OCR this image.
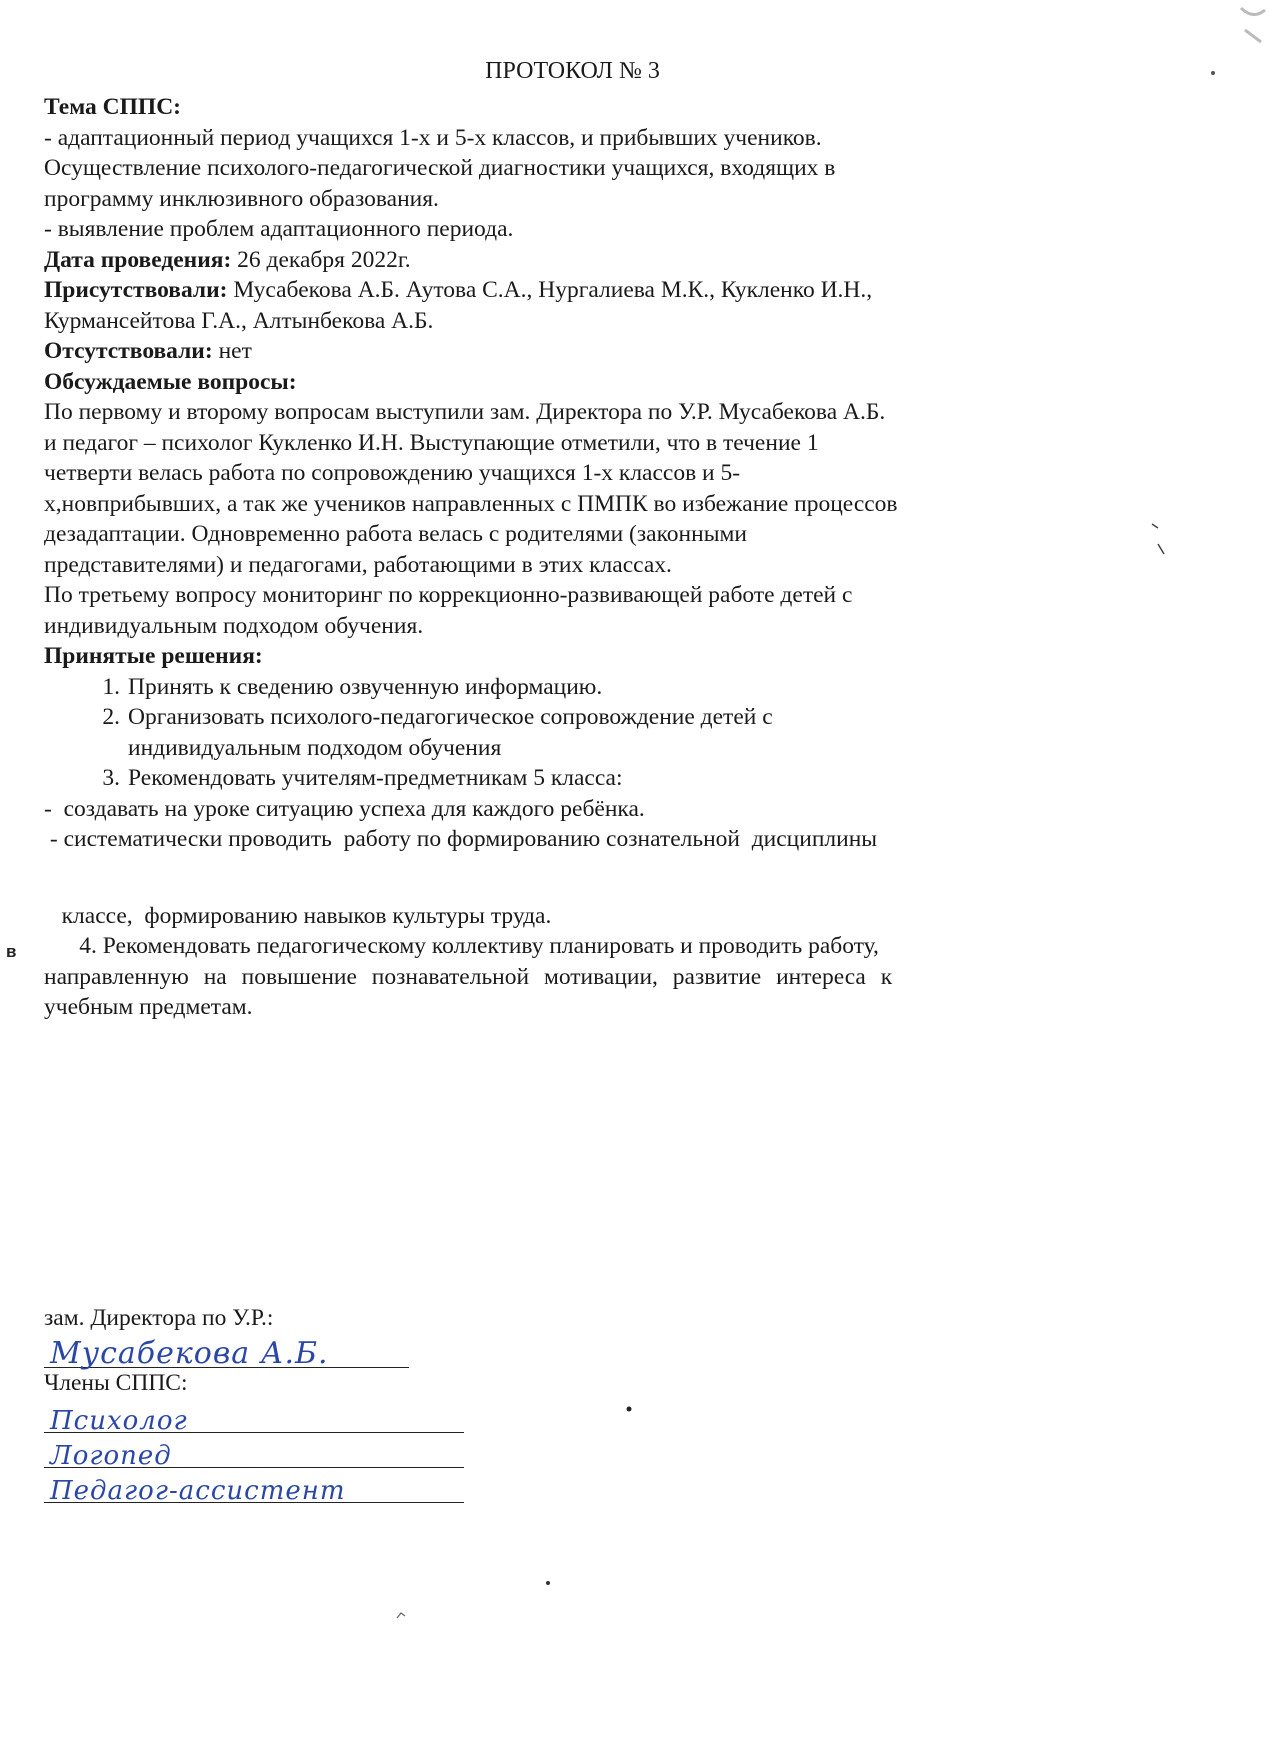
ПРОТОКОЛ № 3

Тема СППС:

- адаптационный период учащихся 1-х и 5-х классов, и прибывших учеников.

Осуществление психолого-педагогической диагностики учащихся, входящих в

программу инклюзивного образования.

- выявление проблем адаптационного периода.

Дата проведения: 26 декабря 2022г.

Присутствовали: Мусабекова А.Б. Аутова С.А., Нургалиева М.К., Кукленко И.Н.,

Курмансейтова Г.А., Алтынбекова А.Б.

Отсутствовали: нет

Обсуждаемые вопросы:

По первому и второму вопросам выступили зам. Директора по У.Р. Мусабекова А.Б.

и педагог – психолог Кукленко И.Н. Выступающие отметили, что в течение 1

четверти велась работа по сопровождению учащихся 1-х классов и 5-

х,новприбывших, а так же учеников направленных с ПМПК во избежание процессов

дезадаптации. Одновременно работа велась с родителями (законными

представителями) и педагогами, работающими в этих классах.

По третьему вопросу мониторинг по коррекционно-развивающей работе детей с

индивидуальным подходом обучения.

Принятые решения:

1. Принять к сведению озвученную информацию.

2. Организовать психолого-педагогическое сопровождение детей с

индивидуальным подходом обучения

3. Рекомендовать учителям-предметникам 5 класса:

-  создавать на уроке ситуацию успеха для каждого ребёнка.

- систематически проводить  работу по формированию сознательной  дисциплины

классе,  формированию навыков культуры труда.

4. Рекомендовать педагогическому коллективу планировать и проводить работу,

направленную на повышение познавательной мотивации, развитие интереса к

учебным предметам.

в
зам. Директора по У.Р.:
Мусабекова А.Б.
Члены СППС:
Психолог
Логопед
Педагог-ассистент
